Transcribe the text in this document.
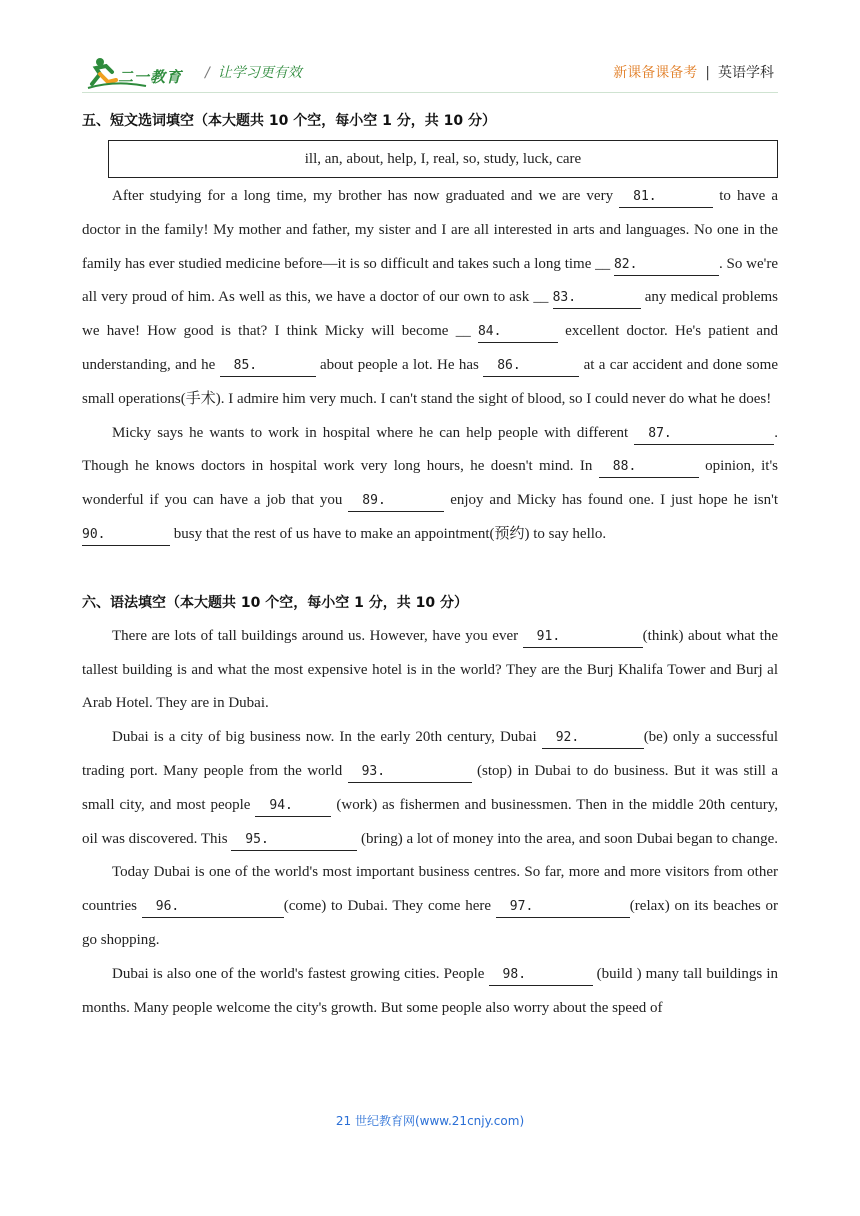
二一教育 / 让学习更有效	新课备课备考 | 英语学科
五、短文选词填空（本大题共 10 个空，每小空 1 分，共 10 分）
ill, an, about, help, I, real, so, study, luck, care

After studying for a long time, my brother has now graduated and we are very 81.	to have a doctor in the family! My mother and father, my sister and I are all interested in arts and languages. No one in the family has ever studied medicine before—it is so difficult and takes such a long time __ 82.	. So we're all very proud of him. As well as this, we have a doctor of our own to ask __ 83.	any medical problems we have! How good is that? I think Micky will become __ 84.	excellent doctor. He's patient and understanding, and he 85.	about people a lot. He has 86.	at a car accident and done some small operations(手术). I admire him very much. I can't stand the sight of blood, so I could never do what he does!

Micky says he wants to work in hospital where he can help people with different 87.	. Though he knows doctors in hospital work very long hours, he doesn't mind. In 88.	opinion, it's wonderful if you can have a job that you 89.	enjoy and Micky has found one. I just hope he isn't 90.	busy that the rest of us have to make an appointment(预约) to say hello.

六、语法填空（本大题共 10 个空，每小空 1 分，共 10 分）

There are lots of tall buildings around us. However, have you ever 91.	(think) about what the tallest building is and what the most expensive hotel is in the world? They are the Burj Khalifa Tower and Burj al Arab Hotel. They are in Dubai.

Dubai is a city of big business now. In the early 20th century, Dubai 92.	(be) only a successful trading port. Many people from the world 93.	(stop) in Dubai to do business. But it was still a small city, and most people 94.	(work) as fishermen and businessmen. Then in the middle 20th century, oil was discovered. This 95.	(bring) a lot of money into the area, and soon Dubai began to change.

Today Dubai is one of the world's most important business centres. So far, more and more visitors from other countries 96.	(come) to Dubai. They come here 97.	(relax) on its beaches or go shopping.

Dubai is also one of the world's fastest growing cities. People 98.	(build ) many tall buildings in months. Many people welcome the city's growth. But some people also worry about the speed of

21 世纪教育网(www.21cnjy.com)
